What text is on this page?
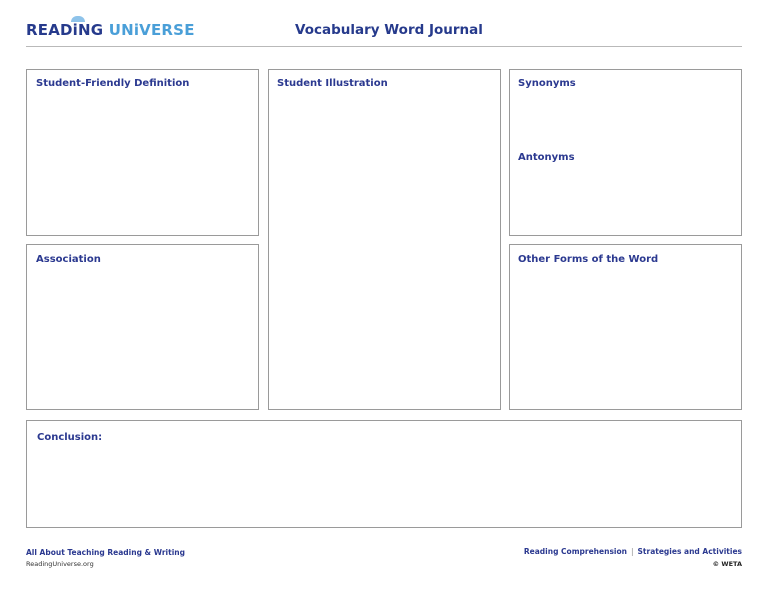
READiNG UNiVERSE	Vocabulary Word Journal
Student-Friendly Definition	Student Illustration	Synonyms
Antonyms
Association	Other Forms of the Word
Conclusion:
All About Teaching Reading & Writing
ReadingUniverse.org
Reading Comprehension | Strategies and Activities
© WETA
